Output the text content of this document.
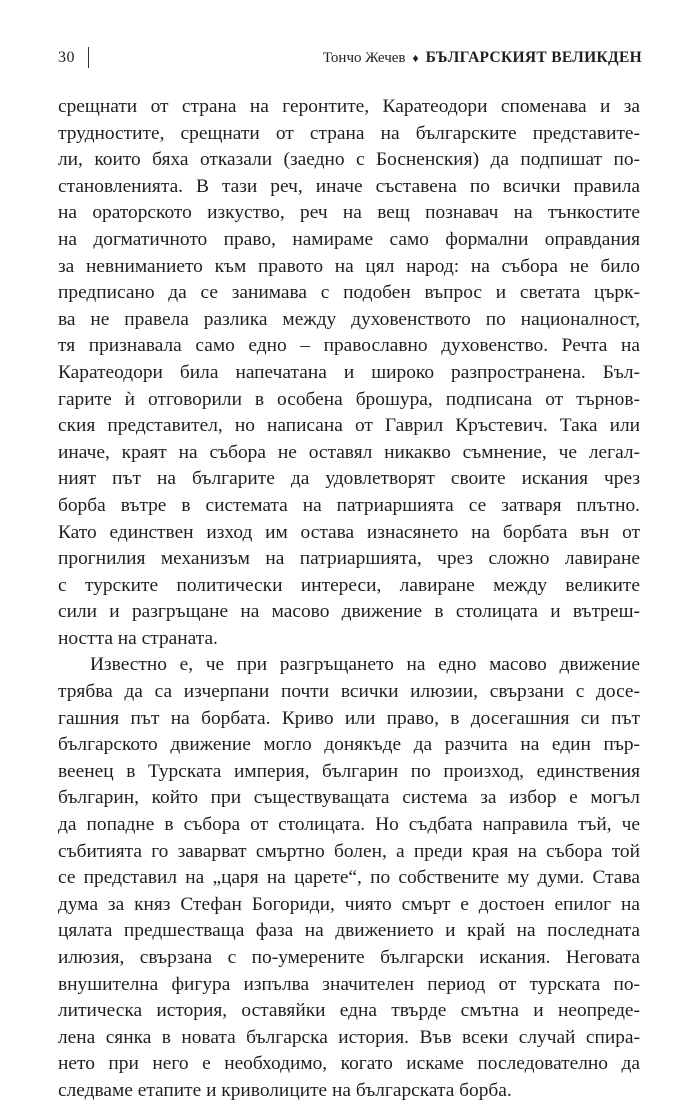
30	Тончо Жечев ♦ БЪЛГАРСКИЯТ ВЕЛИКДЕН

срещнати от страна на геронтите, Каратеодори споменава и за

трудностите, срещнати от страна на българските представите-

ли, които бяха отказали (заедно с Босненския) да подпишат по-

становленията. В тази реч, иначе съставена по всички правила

на ораторското изкуство, реч на вещ познавач на тънкостите

на догматичното право, намираме само формални оправдания

за невниманието към правото на цял народ: на събора не било

предписано да се занимава с подобен въпрос и светата църк-

ва не правела разлика между духовенството по националност,

тя признавала само едно – православно духовенство. Речта на

Каратеодори била напечатана и широко разпространена. Бъл-

гарите ѝ отговорили в особена брошура, подписана от търнов-

ския представител, но написана от Гаврил Кръстевич. Така или

иначе, краят на събора не оставял никакво съмнение, че легал-

ният път на българите да удовлетворят своите искания чрез

борба вътре в системата на патриаршията се затваря плътно.

Като единствен изход им остава изнасянето на борбата вън от

прогнилия механизъм на патриаршията, чрез сложно лавиране

с турските политически интереси, лавиране между великите

сили и разгръщане на масово движение в столицата и вътреш-

ността на страната.

Известно е, че при разгръщането на едно масово движение

трябва да са изчерпани почти всички илюзии, свързани с досе-

гашния път на борбата. Криво или право, в досегашния си път

българското движение могло донякъде да разчита на един пър-

веенец в Турската империя, българин по произход, единствения

българин, който при съществуващата система за избор е могъл

да попадне в събора от столицата. Но съдбата направила тъй, че

събитията го заварват смъртно болен, а преди края на събора той

се представил на „царя на царете“, по собствените му думи. Става

дума за княз Стефан Богориди, чиято смърт е достоен епилог на

цялата предшестваща фаза на движението и край на последната

илюзия, свързана с по-умерените български искания. Неговата

внушителна фигура изпълва значителен период от турската по-

литическа история, оставяйки една твърде смътна и неопреде-

лена сянка в новата българска история. Във всеки случай спира-

нето при него е необходимо, когато искаме последователно да

следваме етапите и криволиците на българската борба.
